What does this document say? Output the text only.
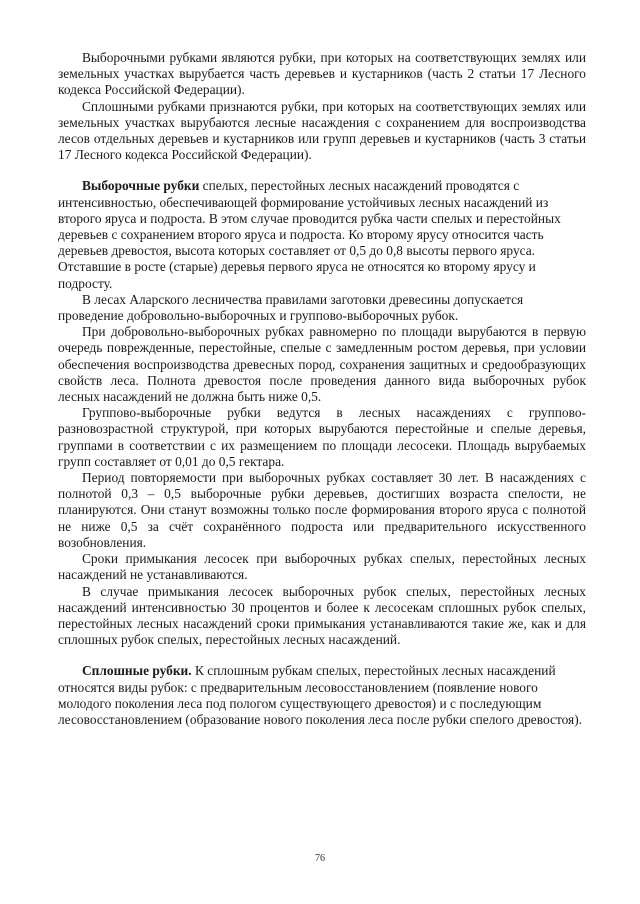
Выборочными рубками являются рубки, при которых на соответствующих землях или земельных участках вырубается часть деревьев и кустарников (часть 2 статьи 17 Лесного кодекса Российской Федерации).

Сплошными рубками признаются рубки, при которых на соответствующих землях или земельных участках вырубаются лесные насаждения с сохранением для воспроизводства лесов отдельных деревьев и кустарников или групп деревьев и кустарников (часть 3 статьи 17 Лесного кодекса Российской Федерации).

Выборочные рубки спелых, перестойных лесных насаждений проводятся с интенсивностью, обеспечивающей формирование устойчивых лесных насаждений из второго яруса и подроста. В этом случае проводится рубка части спелых и перестойных деревьев с сохранением второго яруса и подроста. Ко второму ярусу относится часть деревьев древостоя, высота которых составляет от 0,5 до 0,8 высоты первого яруса. Отставшие в росте (старые) деревья первого яруса не относятся ко второму ярусу и подросту.

В лесах Аларского лесничества правилами заготовки древесины допускается проведение добровольно-выборочных и группово-выборочных рубок.

При добровольно-выборочных рубках равномерно по площади вырубаются в первую очередь поврежденные, перестойные, спелые с замедленным ростом деревья, при условии обеспечения воспроизводства древесных пород, сохранения защитных и средообразующих свойств леса. Полнота древостоя после проведения данного вида выборочных рубок лесных насаждений не должна быть ниже 0,5.

Группово-выборочные рубки ведутся в лесных насаждениях с группово-разновозрастной структурой, при которых вырубаются перестойные и спелые деревья, группами в соответствии с их размещением по площади лесосеки. Площадь вырубаемых групп составляет от 0,01 до 0,5 гектара.

Период повторяемости при выборочных рубках составляет 30 лет. В насаждениях с полнотой 0,3 – 0,5 выборочные рубки деревьев, достигших возраста спелости, не планируются. Они станут возможны только после формирования второго яруса с полнотой не ниже 0,5 за счёт сохранённого подроста или предварительного искусственного возобновления.

Сроки примыкания лесосек при выборочных рубках спелых, перестойных лесных насаждений не устанавливаются.

В случае примыкания лесосек выборочных рубок спелых, перестойных лесных насаждений интенсивностью 30 процентов и более к лесосекам сплошных рубок спелых, перестойных лесных насаждений сроки примыкания устанавливаются такие же, как и для сплошных рубок спелых, перестойных лесных насаждений.

Сплошные рубки. К сплошным рубкам спелых, перестойных лесных насаждений относятся виды рубок: с предварительным лесовосстановлением (появление нового молодого поколения леса под пологом существующего древостоя) и с последующим лесовосстановлением (образование нового поколения леса после рубки спелого древостоя).

76
